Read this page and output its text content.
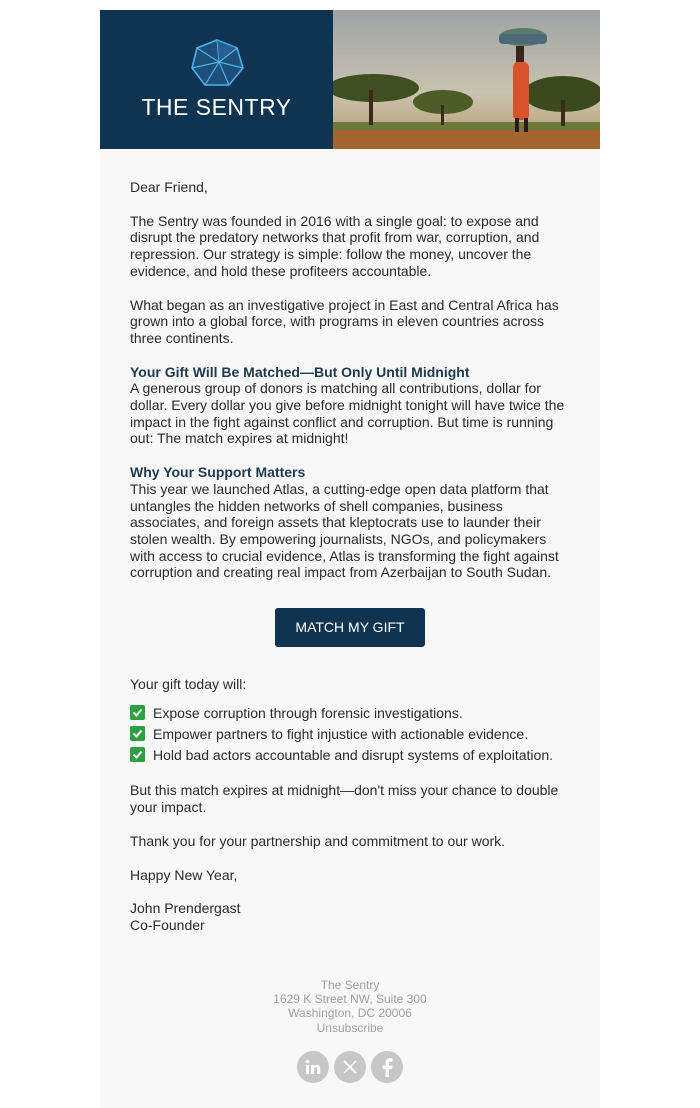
THE SENTRY

Dear Friend,

The Sentry was founded in 2016 with a single goal: to expose and disrupt the predatory networks that profit from war, corruption, and repression. Our strategy is simple: follow the money, uncover the evidence, and hold these profiteers accountable.

What began as an investigative project in East and Central Africa has grown into a global force, with programs in eleven countries across three continents.

Your Gift Will Be Matched—But Only Until Midnight

A generous group of donors is matching all contributions, dollar for dollar. Every dollar you give before midnight tonight will have twice the impact in the fight against conflict and corruption. But time is running out: The match expires at midnight!

Why Your Support Matters

This year we launched Atlas, a cutting-edge open data platform that untangles the hidden networks of shell companies, business associates, and foreign assets that kleptocrats use to launder their stolen wealth. By empowering journalists, NGOs, and policymakers with access to crucial evidence, Atlas is transforming the fight against corruption and creating real impact from Azerbaijan to South Sudan.

MATCH MY GIFT

Your gift today will:

Expose corruption through forensic investigations.
Empower partners to fight injustice with actionable evidence.
Hold bad actors accountable and disrupt systems of exploitation.

But this match expires at midnight—don't miss your chance to double your impact.

Thank you for your partnership and commitment to our work.

Happy New Year,

John Prendergast

Co-Founder

The Sentry
1629 K Street NW, Suite 300
Washington, DC 20006
Unsubscribe
